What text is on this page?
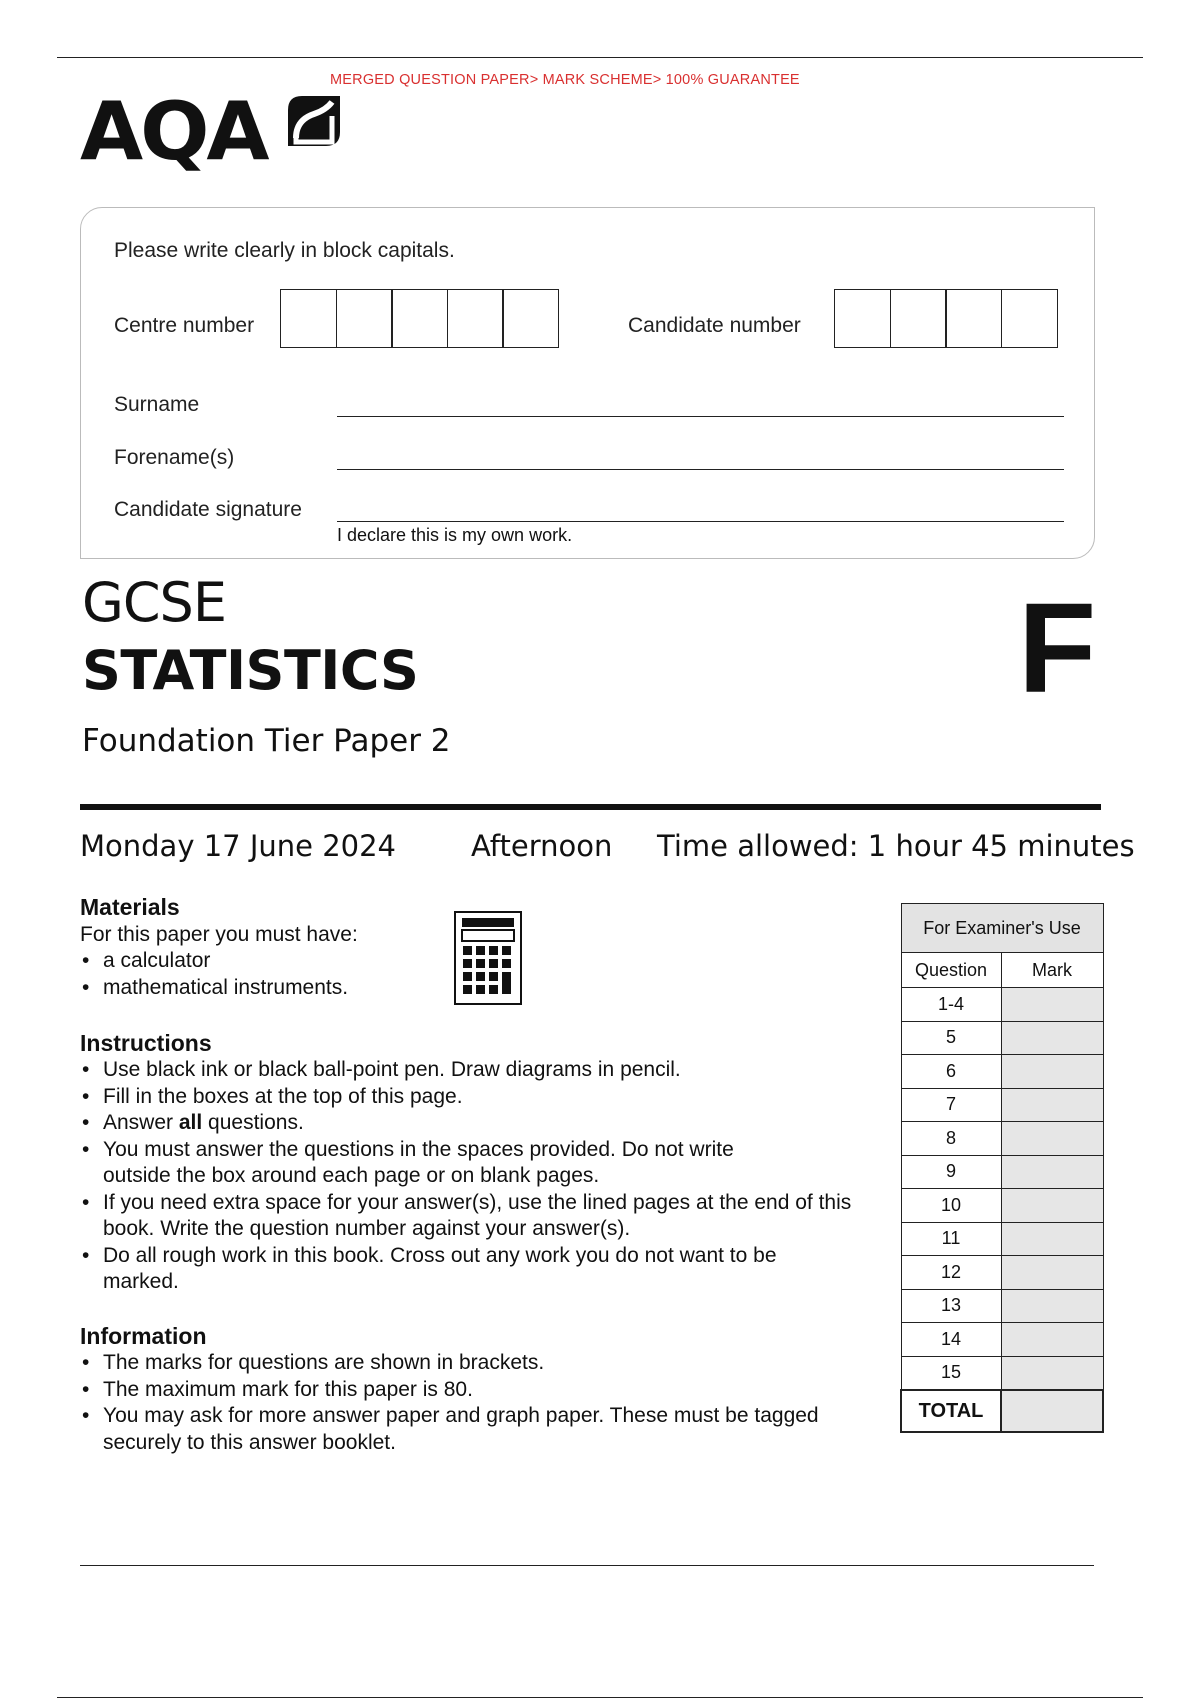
MERGED QUESTION PAPER> MARK SCHEME> 100% GUARANTEE
AQA
Please write clearly in block capitals.
Centre number	Candidate number
Surname
Forename(s)
Candidate signature
I declare this is my own work.
GCSE
STATISTICS
Foundation Tier Paper 2
F
Monday 17 June 2024	Afternoon Time allowed: 1 hour 45 minutes
Materials
For this paper you must have:
• a calculator
• mathematical instruments.
Instructions
• Use black ink or black ball-point pen. Draw diagrams in pencil.
• Fill in the boxes at the top of this page.
• Answer all questions.
• You must answer the questions in the spaces provided. Do not write outside the box around each page or on blank pages.
• If you need extra space for your answer(s), use the lined pages at the end of this book. Write the question number against your answer(s).
• Do all rough work in this book. Cross out any work you do not want to be marked.
Information
• The marks for questions are shown in brackets.
• The maximum mark for this paper is 80.
• You may ask for more answer paper and graph paper. These must be tagged securely to this answer booklet.
For Examiner's Use	
Question	Mark
1-4	
5	
6	
7	
8	
9	
10	
11	
12	
13	
14	
15	
TOTAL	
